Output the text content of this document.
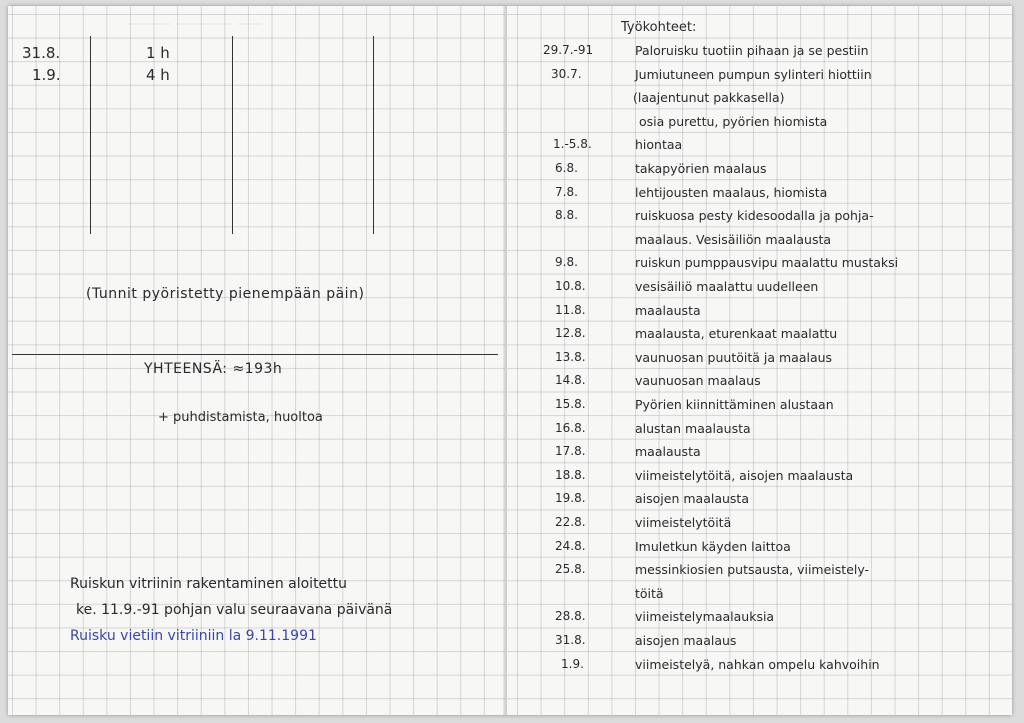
⎯⎯⎯⎯ ⎯⎯⎯⎯⎯⎯⎯⎯⎯ ⎯⎯⎯⎯⎯⎯⎯
31.8.	1 h
1.9.	4 h
(Tunnit pyöristetty pienempään päin)
YHTEENSÄ: ≈193h
+ puhdistamista, huoltoa
Ruiskun vitriinin rakentaminen aloitettu
ke. 11.9.-91 pohjan valu seuraavana päivänä
Ruisku vietiin vitriiniin la 9.11.1991
Työkohteet:
29.7.-91	Paloruisku tuotiin pihaan ja se pestiin
30.7.	Jumiutuneen pumpun sylinteri hiottiin
(laajentunut pakkasella)
osia purettu, pyörien hiomista
1.-5.8.	hiontaa
6.8.	takapyörien maalaus
7.8.	lehtijousten maalaus, hiomista
8.8.	ruiskuosa pesty kidesoodalla ja pohja-
maalaus. Vesisäiliön maalausta
9.8.	ruiskun pumppausvipu maalattu mustaksi
10.8.	vesisäiliö maalattu uudelleen
11.8.	maalausta
12.8.	maalausta, eturenkaat maalattu
13.8.	vaunuosan puutöitä ja maalaus
14.8.	vaunuosan maalaus
15.8.	Pyörien kiinnittäminen alustaan
16.8.	alustan maalausta
17.8.	maalausta
18.8.	viimeistelytöitä, aisojen maalausta
19.8.	aisojen maalausta
22.8.	viimeistelytöitä
24.8.	Imuletkun käyden laittoa
25.8.	messinkiosien putsausta, viimeistely-
töitä
28.8.	viimeistelymaalauksia
31.8.	aisojen maalaus
1.9.	viimeistelyä, nahkan ompelu kahvoihin
